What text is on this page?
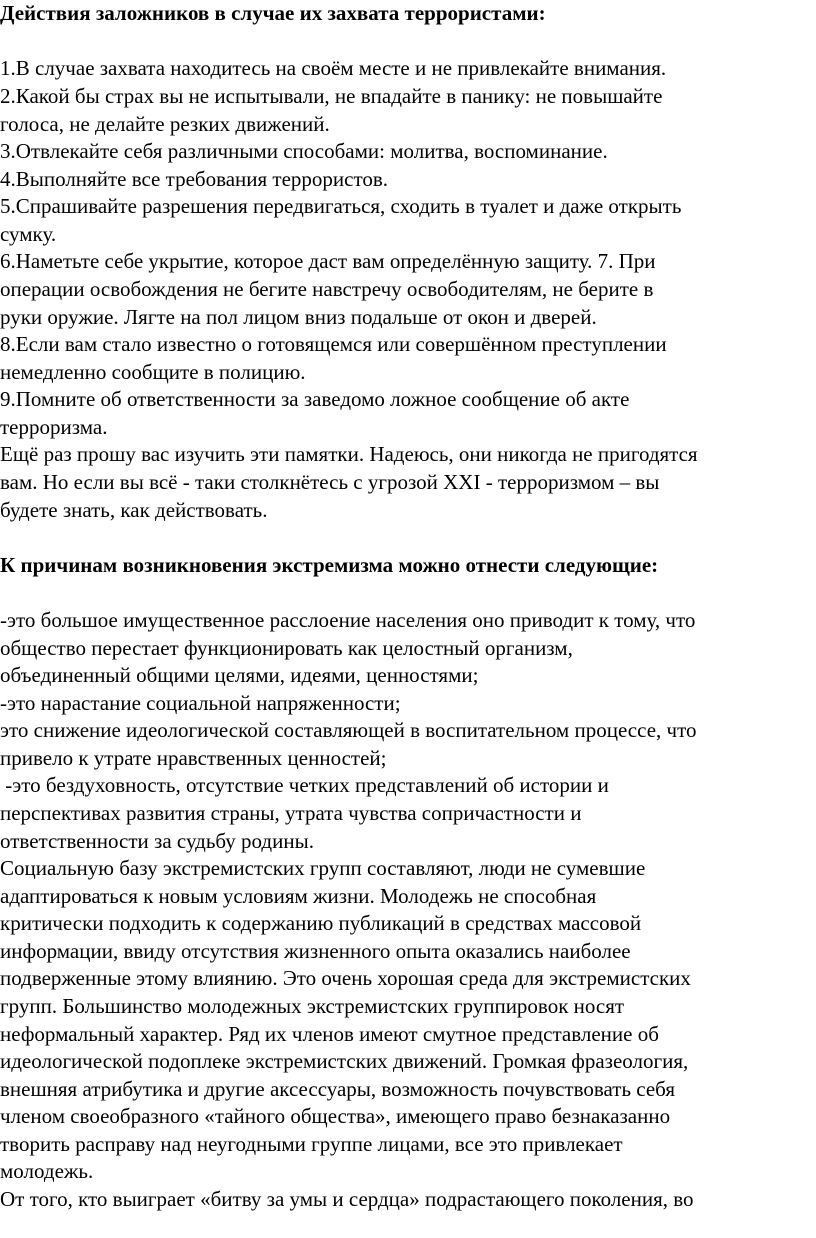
Действия заложников в случае их захвата террористами:
1.В случае захвата находитесь на своём месте и не привлекайте внимания.
2.Какой бы страх вы не испытывали, не впадайте в панику: не повышайте
голоса, не делайте резких движений.
3.Отвлекайте себя различными способами: молитва, воспоминание.
4.Выполняйте все требования террористов.
5.Спрашивайте разрешения передвигаться, сходить в туалет и даже открыть
сумку.
6.Наметьте себе укрытие, которое даст вам определённую защиту. 7. При
операции освобождения не бегите навстречу освободителям, не берите в
руки оружие. Лягте на пол лицом вниз подальше от окон и дверей.
8.Если вам стало известно о готовящемся или совершённом преступлении
немедленно сообщите в полицию.
9.Помните об ответственности за заведомо ложное сообщение об акте
терроризма.
Ещё раз прошу вас изучить эти памятки. Надеюсь, они никогда не пригодятся
вам. Но если вы всё - таки столкнётесь с угрозой XXI - терроризмом – вы
будете знать, как действовать.
К причинам возникновения экстремизма можно отнести следующие:
-это большое имущественное расслоение населения оно приводит к тому, что
общество перестает функционировать как целостный организм,
объединенный общими целями, идеями, ценностями;
-это нарастание социальной напряженности;
это снижение идеологической составляющей в воспитательном процессе, что
привело к утрате нравственных ценностей;
-это бездуховность, отсутствие четких представлений об истории и
перспективах развития страны, утрата чувства сопричастности и
ответственности за судьбу родины.
Социальную базу экстремистских групп составляют, люди не сумевшие
адаптироваться к новым условиям жизни. Молодежь не способная
критически подходить к содержанию публикаций в средствах массовой
информации, ввиду отсутствия жизненного опыта оказались наиболее
подверженные этому влиянию. Это очень хорошая среда для экстремистских
групп. Большинство молодежных экстремистских группировок носят
неформальный характер. Ряд их членов имеют смутное представление об
идеологической подоплеке экстремистских движений. Громкая фразеология,
внешняя атрибутика и другие аксессуары, возможность почувствовать себя
членом своеобразного «тайного общества», имеющего право безнаказанно
творить расправу над неугодными группе лицами, все это привлекает
молодежь.
От того, кто выиграет «битву за умы и сердца» подрастающего поколения, во
